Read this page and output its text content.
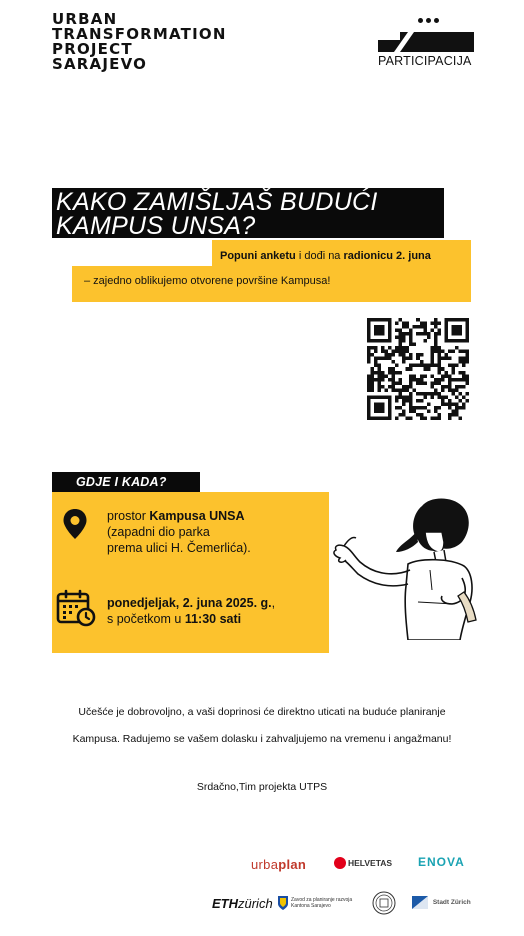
URBAN
TRANSFORMATION
PROJECT
SARAJEVO	PARTICIPACIJA
KAKO ZAMIŠLJAŠ BUDUĆI
KAMPUS UNSA?
Popuni anketu i dođi na radionicu 2. juna
– zajedno oblikujemo otvorene površine Kampusa!
GDJE I KADA?
prostor Kampusa UNSA
(zapadni dio parka
prema ulici H. Čemerlića).
ponedjeljak, 2. juna 2025. g.,
s početkom u 11:30 sati
Učešće je dobrovoljno, a vaši doprinosi će direktno uticati na buduće planiranje
Kampusa. Radujemo se vašem dolasku i zahvaljujemo na vremenu i angažmanu!
Srdačno,Tim projekta UTPS
urbaplan	HELVETAS ENOVA
ETHzürich	Zavod za planiranje razvoja Kantona Sarajevo	Stadt Zürich
